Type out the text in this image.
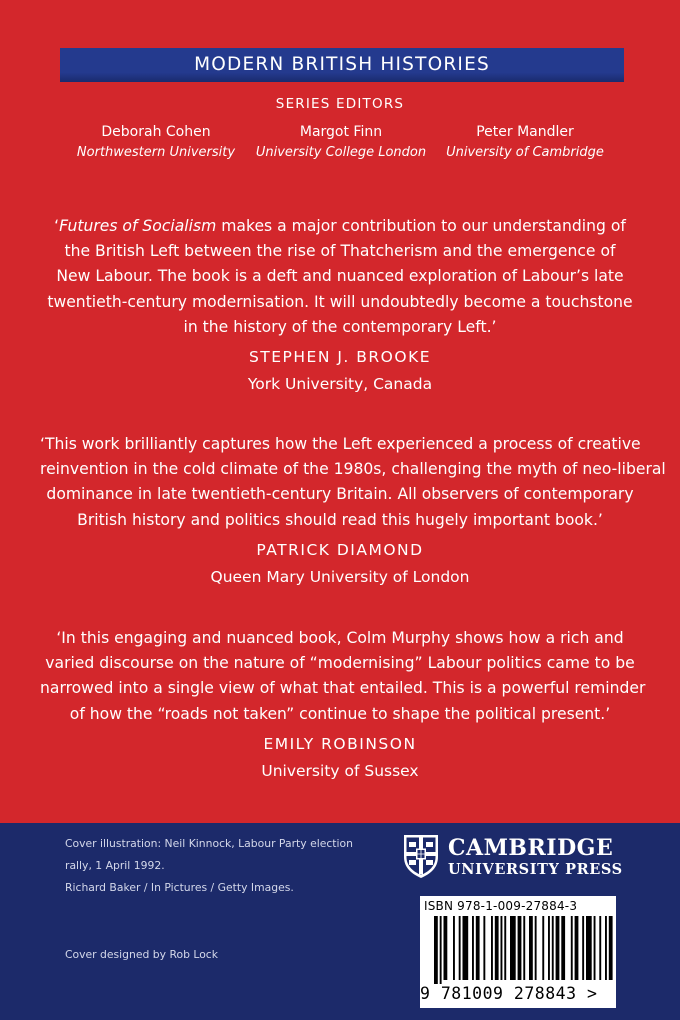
MODERN BRITISH HISTORIES
SERIES EDITORS
Deborah Cohen
Northwestern University
Margot Finn
University College London
Peter Mandler
University of Cambridge

‘Futures of Socialism makes a major contribution to our understanding of
the British Left between the rise of Thatcherism and the emergence of
New Labour. The book is a deft and nuanced exploration of Labour’s late
twentieth-century modernisation. It will undoubtedly become a touchstone
in the history of the contemporary Left.’

STEPHEN J. BROOKE
York University, Canada

‘This work brilliantly captures how the Left experienced a process of creative
reinvention in the cold climate of the 1980s, challenging the myth of neo-liberal
dominance in late twentieth-century Britain. All observers of contemporary
British history and politics should read this hugely important book.’

PATRICK DIAMOND
Queen Mary University of London

‘In this engaging and nuanced book, Colm Murphy shows how a rich and
varied discourse on the nature of “modernising” Labour politics came to be
narrowed into a single view of what that entailed. This is a powerful reminder
of how the “roads not taken” continue to shape the political present.’

EMILY ROBINSON
University of Sussex
Cover illustration: Neil Kinnock, Labour Party election
rally, 1 April 1992.
Richard Baker / In Pictures / Getty Images.
Cover designed by Rob Lock
CAMBRIDGE
UNIVERSITY PRESS
ISBN 978-1-009-27884-3
9 781009 278843 >
